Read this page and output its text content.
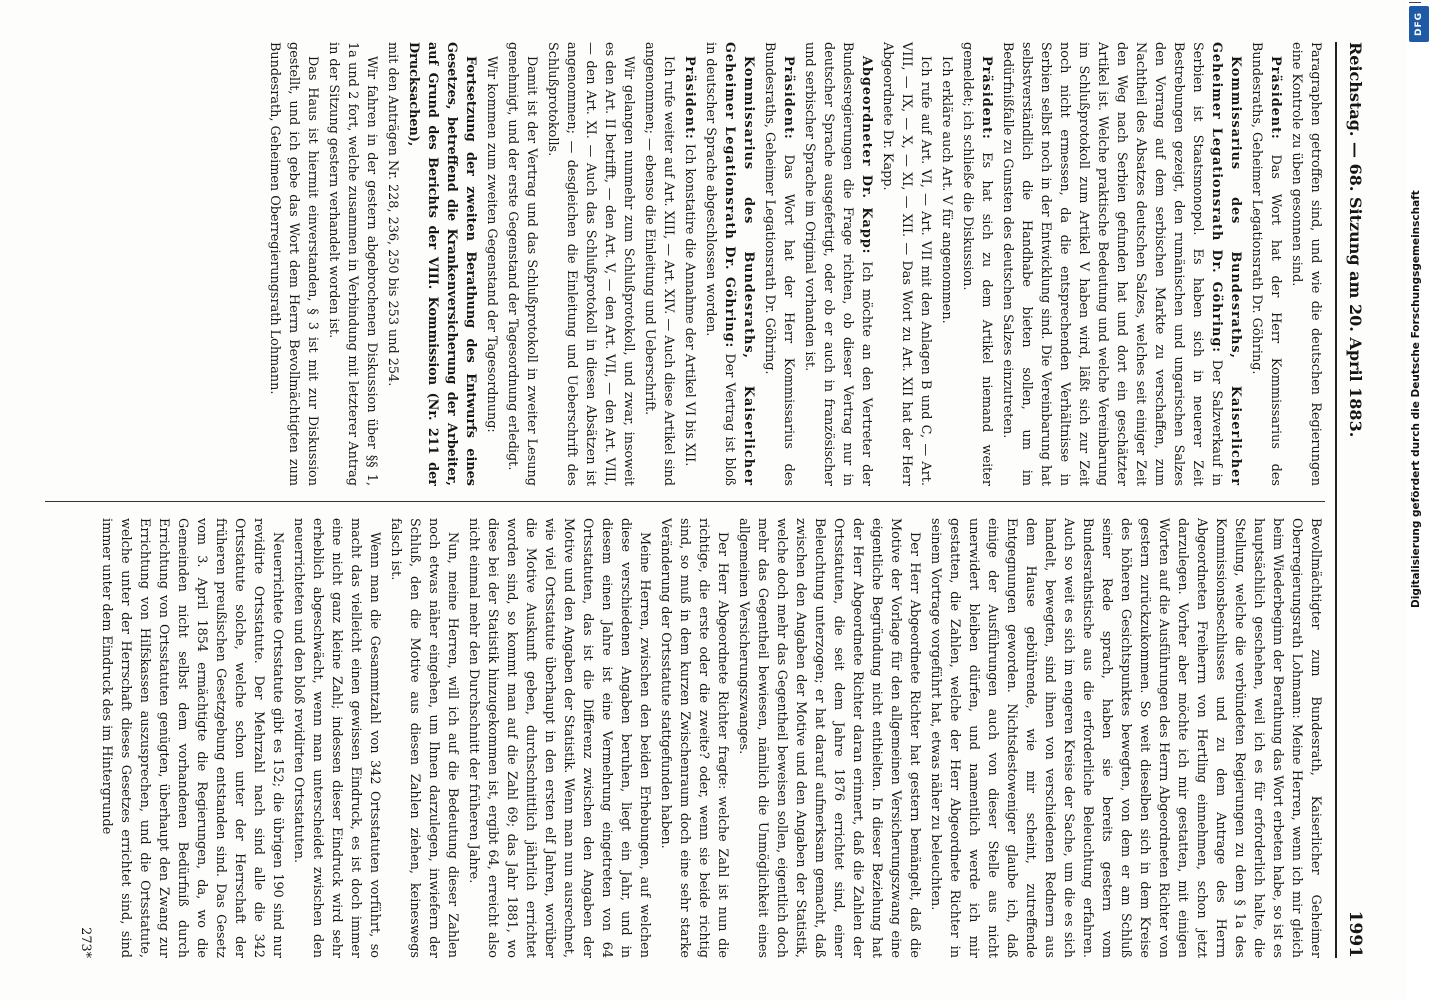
Reichstag. — 68. Sitzung am 20. April 1883.
1991

Paragraphen getroffen sind, und wie die deutschen Regierungen eine Kontrole zu üben gesonnen sind.

Präsident: Das Wort hat der Herr Kommissarius des Bundesraths, Geheimer Legationsrath Dr. Göhring.

Kommissarius des Bundesraths, Kaiserlicher Geheimer Legationsrath Dr. Göhring: Der Salzverkauf in Serbien ist Staatsmonopol. Es haben sich in neuerer Zeit Bestrebungen gezeigt, den rumänischen und ungarischen Salzes den Vorrang auf dem serbischen Markte zu verschaffen, zum Nachtheil des Absatzes deutschen Salzes, welches seit einiger Zeit den Weg nach Serbien gefunden hat und dort ein geschätzter Artikel ist. Welche praktische Bedeutung und welche Vereinbarung im Schlußprotokoll zum Artikel V haben wird, läßt sich zur Zeit noch nicht ermessen, da die entsprechenden Verhältnisse in Serbien selbst noch in der Entwicklung sind. Die Vereinbarung hat selbstverständlich die Handhabe bieten sollen, um im Bedürfnißfalle zu Gunsten des deutschen Salzes einzutreten.

Präsident: Es hat sich zu dem Artikel niemand weiter gemeldet; ich schließe die Diskussion.

Ich erkläre auch Art. V für angenommen.

Ich rufe auf Art. VI, — Art. VII mit den Anlagen B und C, — Art. VIII, — IX, — X, — XI, — XII. — Das Wort zu Art. XII hat der Herr Abgeordnete Dr. Kapp.

Abgeordneter Dr. Kapp: Ich möchte an den Vertreter der Bundesregierungen die Frage richten, ob dieser Vertrag nur in deutscher Sprache ausgefertigt, oder ob er auch in französischer und serbischer Sprache im Original vorhanden ist.

Präsident: Das Wort hat der Herr Kommissarius des Bundesraths, Geheimer Legationsrath Dr. Göhring.

Kommissarius des Bundesraths, Kaiserlicher Geheimer Legationsrath Dr. Göhring: Der Vertrag ist bloß in deutscher Sprache abgeschlossen worden.

Präsident: Ich konstatire die Annahme der Artikel VI bis XII.

Ich rufe weiter auf Art. XIII, — Art. XIV. — Auch diese Artikel sind angenommen; — ebenso die Einleitung und Ueberschrift.

Wir gelangen nunmehr zum Schlußprotokoll, und zwar, insoweit es den Art. II betrifft, — den Art. V, — den Art. VII, — den Art. VIII, — den Art. XI. — Auch das Schlußprotokoll in diesen Absätzen ist angenommen; — desgleichen die Einleitung und Ueberschrift des Schlußprotokolls.

Damit ist der Vertrag und das Schlußprotokoll in zweiter Lesung genehmigt, und der erste Gegenstand der Tagesordnung erledigt.

Wir kommen zum zweiten Gegenstand der Tagesordnung:

Fortsetzung der zweiten Berathung des Entwurfs eines Gesetzes, betreffend die Krankenversicherung der Arbeiter, auf Grund des Berichts der VIII. Kommission (Nr. 211 der Drucksachen),

mit den Anträgen Nr. 228, 236, 250 bis 253 und 254.

Wir fahren in der gestern abgebrochenen Diskussion über §§ 1, 1a und 2 fort, welche zusammen in Verbindung mit letzterer Antrag in der Sitzung gestern verhandelt worden ist.

Das Haus ist hiermit einverstanden, § 3 ist mit zur Diskussion gestellt, und ich gebe das Wort dem Herrn Bevollmächtigten zum Bundesrath, Geheimen Oberregierungsrath Lohmann.

Bevollmächtigter zum Bundesrath, Kaiserlicher Geheimer Oberregierungsrath Lohmann: Meine Herren, wenn ich mir gleich beim Wiederbeginn der Berathung das Wort erbeten habe, so ist es hauptsächlich geschehen, weil ich es für erforderlich halte, die Stellung, welche die verbündeten Regierungen zu dem § 1a des Kommissionsbeschlusses und zu dem Antrage des Herrn Abgeordneten Freiherrn von Hertling einnehmen, schon jetzt darzulegen. Vorher aber möchte ich mir gestatten, mit einigen Worten auf die Ausführungen des Herrn Abgeordneten Richter von gestern zurückzukommen. So weit dieselben sich in dem Kreise des höheren Gesichtspunktes bewegten, von dem er am Schluß seiner Rede sprach, haben sie bereits gestern vom Bundesrathstische aus die erforderliche Beleuchtung erfahren. Auch so weit es sich im engeren Kreise der Sache, um die es sich handelt, bewegten, sind ihnen von verschiedenen Rednern aus dem Hause gebührende, wie mir scheint, zutreffende Entgegnungen geworden. Nichtsdestoweniger glaube ich, daß einige der Ausführungen auch von dieser Stelle aus nicht unerwidert bleiben dürfen, und namentlich werde ich mir gestatten, die Zahlen, welche der Herr Abgeordnete Richter in seinem Vortrage vorgeführt hat, etwas näher zu beleuchten.

Der Herr Abgeordnete Richter hat gestern bemängelt, daß die Motive der Vorlage für den allgemeinen Versicherungszwang eine eigentliche Begründung nicht enthielten. In dieser Beziehung hat der Herr Abgeordnete Richter daran erinnert, daß die Zahlen der Ortsstatuten, die seit dem Jahre 1876 errichtet sind, einer Beleuchtung unterzogen; er hat darauf aufmerksam gemacht, daß zwischen den Angaben der Motive und den Angaben der Statistik, welche doch mehr das Gegentheil beweisen sollen, eigentlich doch mehr das Gegentheil bewiesen, nämlich die Unmöglichkeit eines allgemeinen Versicherungszwanges.

Der Herr Abgeordnete Richter fragte: welche Zahl ist nun die richtige, die erste oder die zweite? oder, wenn sie beide richtig sind, so muß in dem kurzen Zwischenraum doch eine sehr starke Veränderung der Ortsstatute stattgefunden haben.

Meine Herren, zwischen den beiden Erhebungen, auf welchen diese verschiedenen Angaben beruhen, liegt ein Jahr, und in diesem einen Jahre ist eine Vermehrung eingetreten von 64 Ortsstatuten, das ist die Differenz zwischen den Angaben der Motive und den Angaben der Statistik. Wenn man nun ausrechnet, wie viel Ortsstatute überhaupt in den ersten elf Jahren, worüber die Motive Auskunft geben, durchschnittlich jährlich errichtet worden sind, so kommt man auf die Zahl 69; das Jahr 1881, wo diese bei der Statistik hinzugekommen ist, ergibt 64, erreicht also nicht einmal mehr den Durchschnitt der früheren Jahre.

Nun, meine Herren, will ich auf die Bedeutung dieser Zahlen noch etwas näher eingehen, um Ihnen darzulegen, inwiefern der Schluß, den die Motive aus diesen Zahlen ziehen, keineswegs falsch ist.

Wenn man die Gesammtzahl von 342 Ortsstatuten vorführt, so macht das vielleicht einen gewissen Eindruck, es ist doch immer eine nicht ganz kleine Zahl; indessen dieser Eindruck wird sehr erheblich abgeschwächt, wenn man unterscheidet zwischen den neuerrichteten und den bloß revidirten Ortsstatuten.

Neuerrichtete Ortsstatute gibt es 152; die übrigen 190 sind nur revidirte Ortsstatute. Der Mehrzahl nach sind alle die 342 Ortsstatute solche, welche schon unter der Herrschaft der früheren preußischen Gesetzgebung entstanden sind. Das Gesetz vom 3. April 1854 ermächtigte die Regierungen, da, wo die Gemeinden nicht selbst dem vorhandenen Bedürfniß durch Errichtung von Ortsstatuten genügten, überhaupt den Zwang zur Errichtung von Hilfskassen auszusprechen, und die Ortsstatute, welche unter der Herrschaft dieses Gesetzes errichtet sind, sind immer unter dem Eindruck des im Hintergrunde

273*
DFG
Digitalisierung gefördert durch die Deutsche Forschungsgemeinschaft
